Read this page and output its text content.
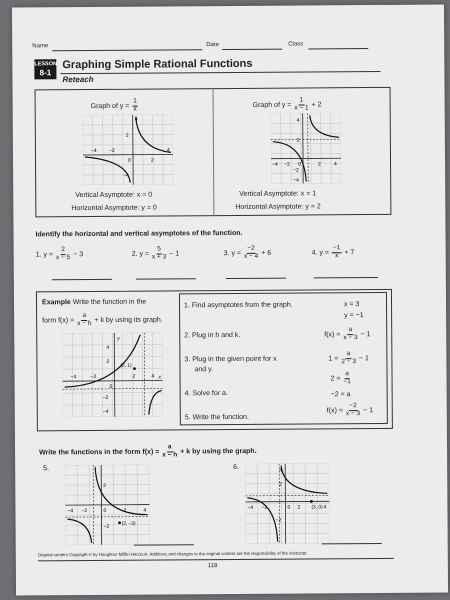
Name	Date	Class
LESSON
8-1
Graphing Simple Rational Functions
Reteach
Graph of $y = \frac{1}{x}$
−4 −2
0	2
4
4
2
−4
Vertical Asymptote: x = 0
Horizontal Asymptote: y = 0
Graph of $y = \frac{1}{x - 1} + 2$
−4 −2 0	2	4
4
2
−2
−4
Vertical Asymptote: x = 1
Horizontal Asymptote: y = 2
Identify the horizontal and vertical asymptotes of the function.
1. $y = \frac{2}{x - 5} - 3$	2. $y = \frac{5}{x + 3} - 1$	3. $y = \frac{-2}{x - 4} + 6$	4. $y = \frac{-1}{x} + 7$
Example Write the function in the
form $f(x) = \frac{a}{x - h} + k$ by using its graph.
(2, 1)
y
x
−4	−2
0
2	4
4
2
−2
−4
1. Find asymptotes from the graph.	x = 3
y = −1
2. Plug in h and k.	$f(x) = \frac{a}{x - 3} - 1$
3. Plug in the given point for x
and y.
$1 = \frac{a}{2 - 3} - 1$
$2 = \frac{a}{-1}$
4. Solve for a.	−2 = a
5. Write the function.
$f(x) = \frac{-2}{x - 3} - 1$
Write the functions in the form $f(x) = \frac{a}{x - h} + k$ by using the graph.
5.
(2, −3)
−4 −2	0	2	4
2
−2
6.
(3, 0)
−4 −2	0 2	4
4
2
−2
Original content Copyright © by Houghton Mifflin Harcourt. Additions and changes to the original content are the responsibility of the instructor.
118
